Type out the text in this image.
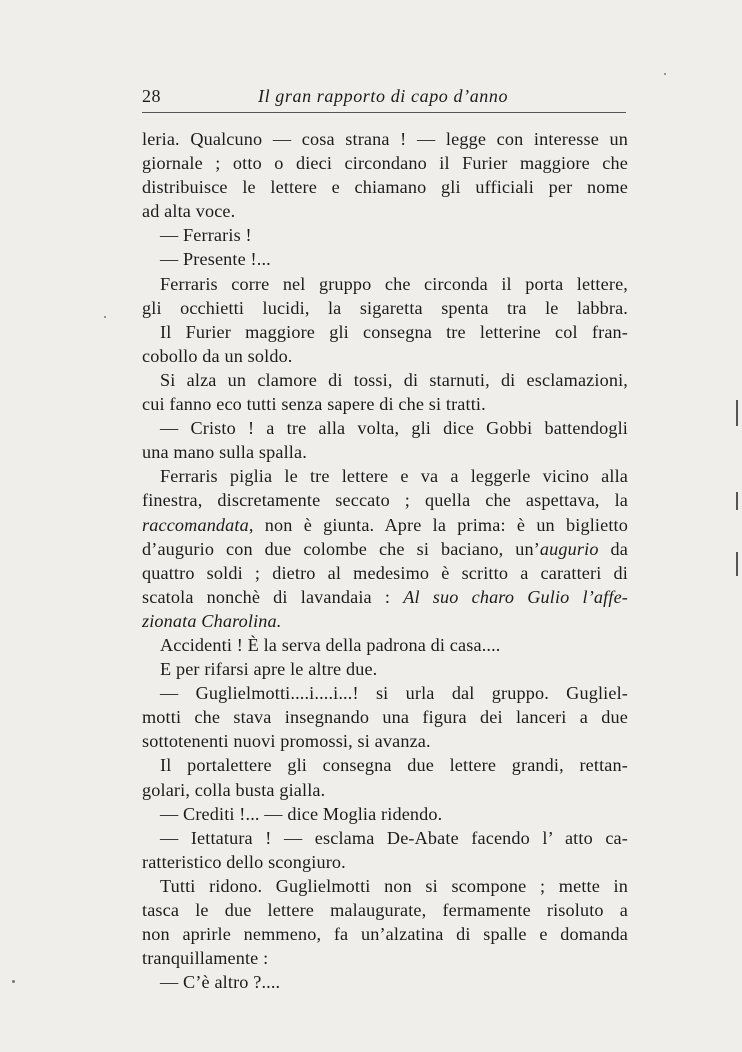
28	Il gran rapporto di capo d’anno
leria. Qualcuno — cosa strana ! — legge con interesse un
giornale ; otto o dieci circondano il Furier maggiore che
distribuisce le lettere e chiamano gli ufficiali per nome
ad alta voce.
— Ferraris !
— Presente !...
Ferraris corre nel gruppo che circonda il porta lettere,
gli occhietti lucidi, la sigaretta spenta tra le labbra.
Il Furier maggiore gli consegna tre letterine col fran-
cobollo da un soldo.
Si alza un clamore di tossi, di starnuti, di esclamazioni,
cui fanno eco tutti senza sapere di che si tratti.
— Cristo ! a tre alla volta, gli dice Gobbi battendogli
una mano sulla spalla.
Ferraris piglia le tre lettere e va a leggerle vicino alla
finestra, discretamente seccato ; quella che aspettava, la
raccomandata, non è giunta. Apre la prima: è un biglietto
d’augurio con due colombe che si baciano, un’augurio da
quattro soldi ; dietro al medesimo è scritto a caratteri di
scatola nonchè di lavandaia : Al suo charo Gulio l’affe-
zionata Charolina.
Accidenti ! È la serva della padrona di casa....
E per rifarsi apre le altre due.
— Guglielmotti....i....i...! si urla dal gruppo. Gugliel-
motti che stava insegnando una figura dei lanceri a due
sottotenenti nuovi promossi, si avanza.
Il portalettere gli consegna due lettere grandi, rettan-
golari, colla busta gialla.
— Crediti !... — dice Moglia ridendo.
— Iettatura ! — esclama De-Abate facendo l’ atto ca-
ratteristico dello scongiuro.
Tutti ridono. Guglielmotti non si scompone ; mette in
tasca le due lettere malaugurate, fermamente risoluto a
non aprirle nemmeno, fa un’alzatina di spalle e domanda
tranquillamente :
— C’è altro ?....
